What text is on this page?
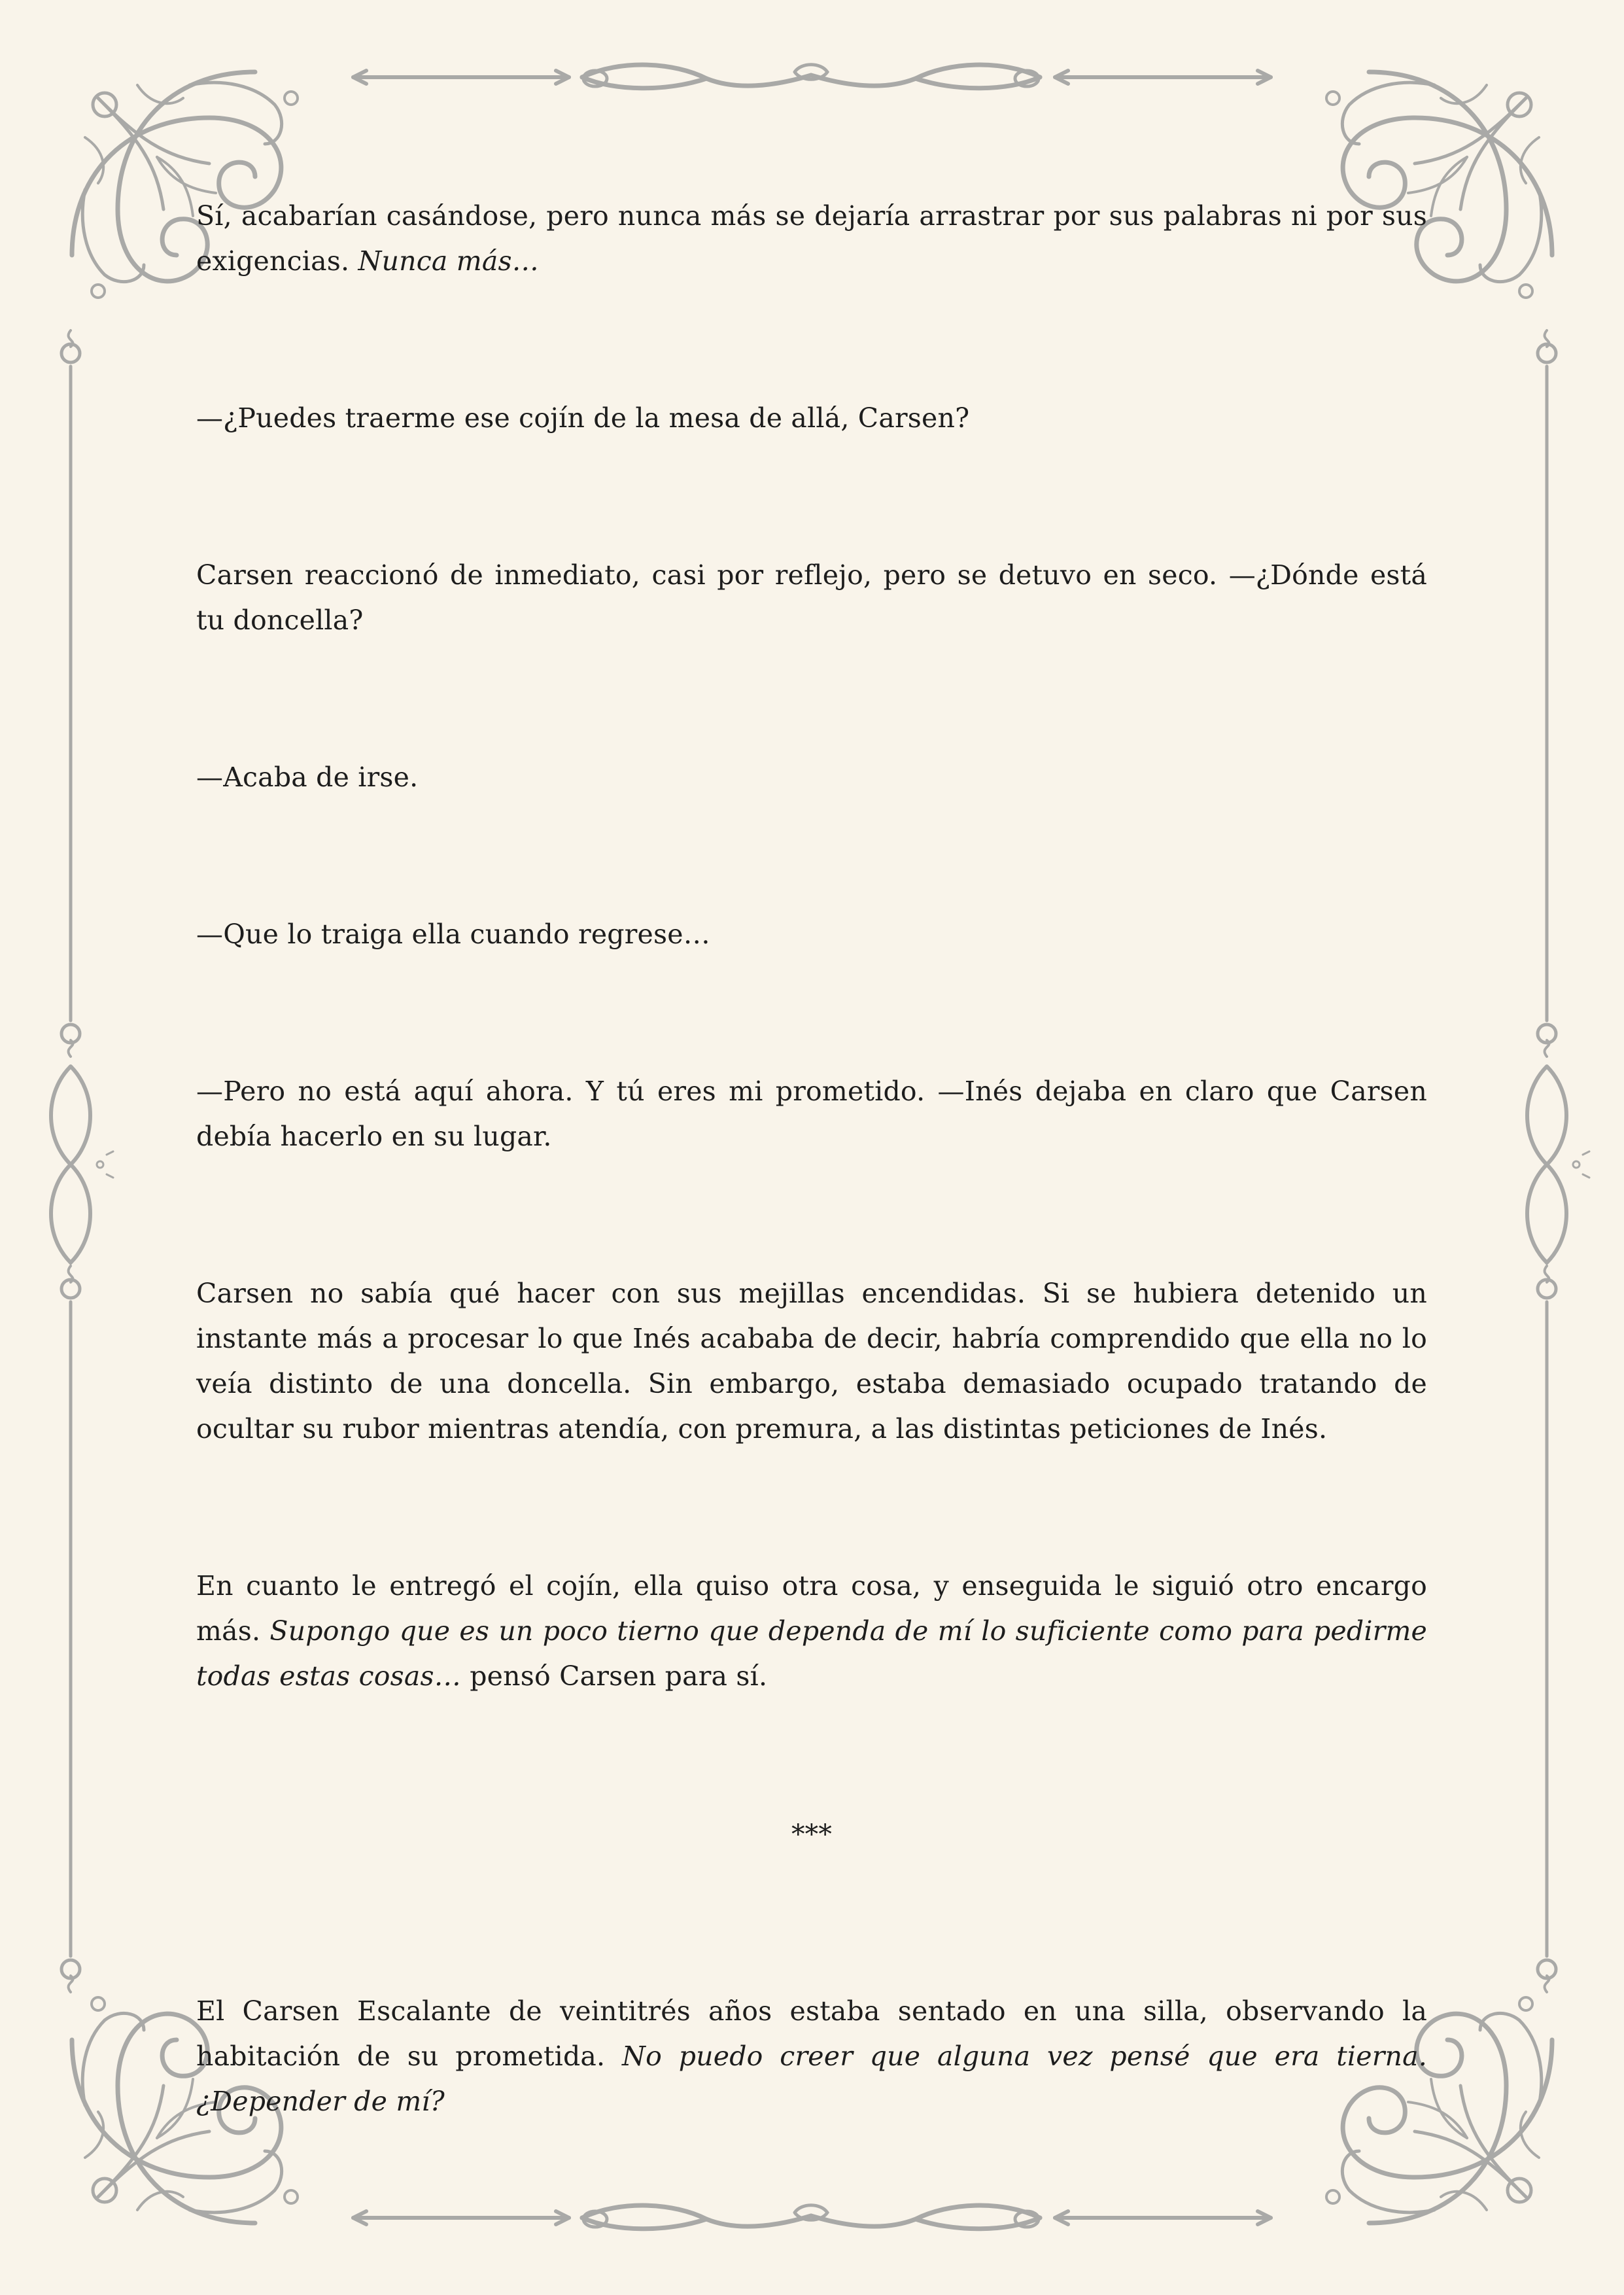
Sí, acabarían casándose, pero nunca más se dejaría arrastrar por sus palabras ni por sus exigencias. Nunca más…
—¿Puedes traerme ese cojín de la mesa de allá, Carsen?
Carsen reaccionó de inmediato, casi por reflejo, pero se detuvo en seco. —¿Dónde está tu doncella?
—Acaba de irse.
—Que lo traiga ella cuando regrese…
—Pero no está aquí ahora. Y tú eres mi prometido. —Inés dejaba en claro que Carsen debía hacerlo en su lugar.
Carsen no sabía qué hacer con sus mejillas encendidas. Si se hubiera detenido un instante más a procesar lo que Inés acababa de decir, habría comprendido que ella no lo veía distinto de una doncella. Sin embargo, estaba demasiado ocupado tratando de ocultar su rubor mientras atendía, con premura, a las distintas peticiones de Inés.
En cuanto le entregó el cojín, ella quiso otra cosa, y enseguida le siguió otro encargo más. Supongo que es un poco tierno que dependa de mí lo suficiente como para pedirme todas estas cosas… pensó Carsen para sí.
***
El Carsen Escalante de veintitrés años estaba sentado en una silla, observando la habitación de su prometida. No puedo creer que alguna vez pensé que era tierna. ¿Depender de mí?
